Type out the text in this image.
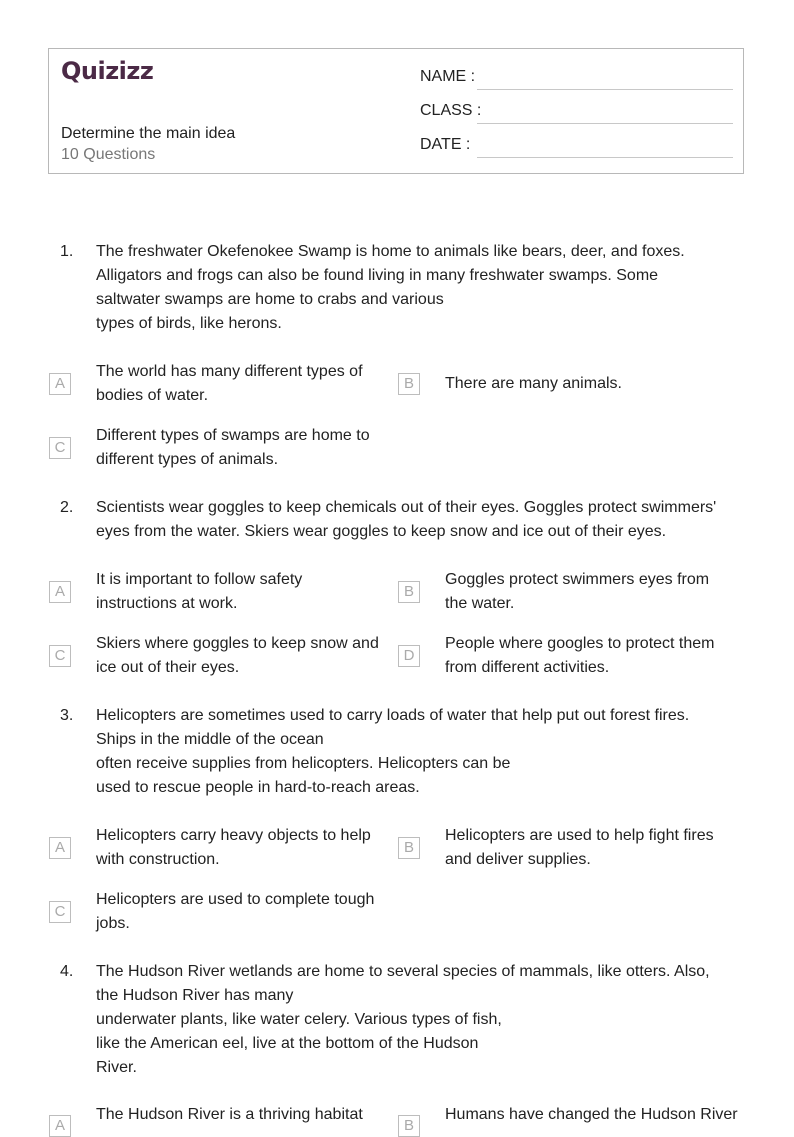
Quizizz
Determine the main idea
10 Questions
NAME :
CLASS :
DATE :
1. The freshwater Okefenokee Swamp is home to animals like bears, deer, and foxes.
Alligators and frogs can also be found living in many freshwater swamps. Some
saltwater swamps are home to crabs and various
types of birds, like herons.
A
The world has many different types of
bodies of water.
B	There are many animals.
C
Different types of swamps are home to
different types of animals.
2. Scientists wear goggles to keep chemicals out of their eyes. Goggles protect swimmers'
eyes from the water. Skiers wear goggles to keep snow and ice out of their eyes.
A
It is important to follow safety
instructions at work.
B
Goggles protect swimmers eyes from
the water.
C
Skiers where goggles to keep snow and
ice out of their eyes.
D
People where googles to protect them
from different activities.
3. Helicopters are sometimes used to carry loads of water that help put out forest fires.
Ships in the middle of the ocean
often receive supplies from helicopters. Helicopters can be
used to rescue people in hard-to-reach areas.
A
Helicopters carry heavy objects to help
with construction.
B
Helicopters are used to help fight fires
and deliver supplies.
C
Helicopters are used to complete tough
jobs.
4. The Hudson River wetlands are home to several species of mammals, like otters. Also,
the Hudson River has many
underwater plants, like water celery. Various types of fish,
like the American eel, live at the bottom of the Hudson
River.
A
The Hudson River is a thriving habitat
B
Humans have changed the Hudson River
